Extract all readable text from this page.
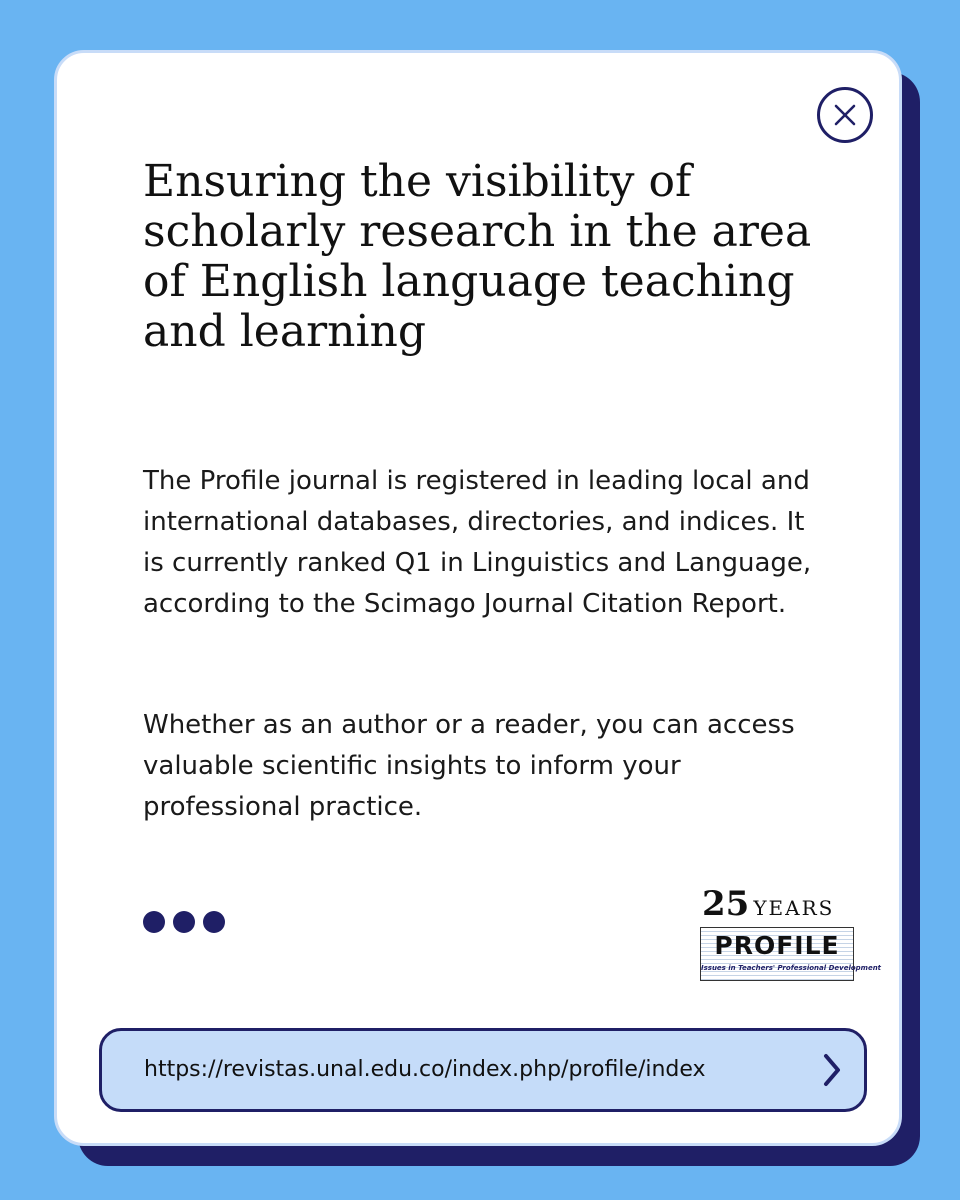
Ensuring the visibility of scholarly research in the area of English language teaching and learning

The Profile journal is registered in leading local and international databases, directories, and indices. It is currently ranked Q1 in Linguistics and Language, according to the Scimago Journal Citation Report.

Whether as an author or a reader, you can access valuable scientific insights to inform your professional practice.

25 YEARS
PROFILE
Issues in Teachers' Professional Development
https://revistas.unal.edu.co/index.php/profile/index
